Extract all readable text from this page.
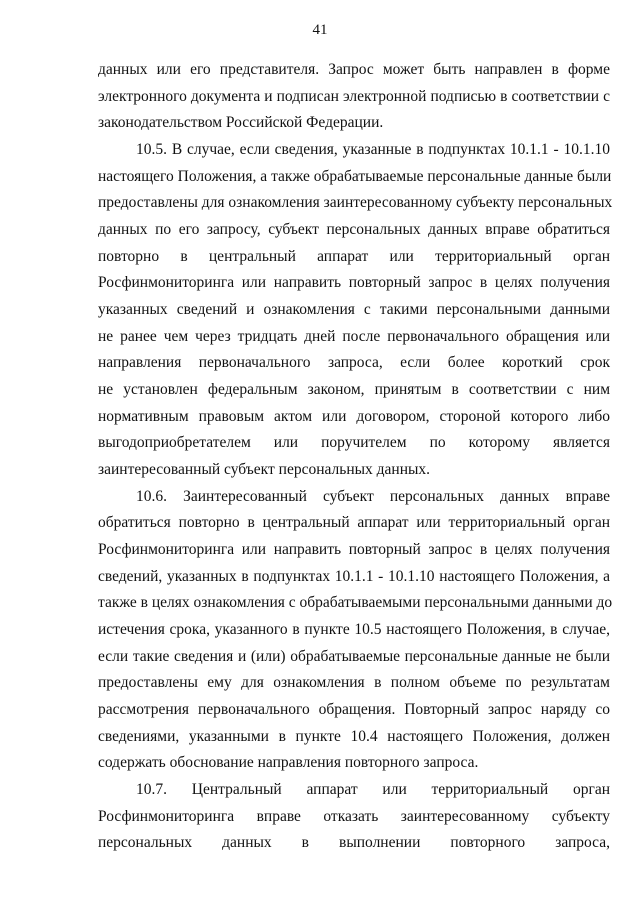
41
данных или его представителя. Запрос может быть направлен в форме
электронного документа и подписан электронной подписью в соответствии с
законодательством Российской Федерации.
10.5. В случае, если сведения, указанные в подпунктах 10.1.1 - 10.1.10
настоящего Положения, а также обрабатываемые персональные данные были
предоставлены для ознакомления заинтересованному субъекту персональных
данных по его запросу, субъект персональных данных вправе обратиться
повторно в центральный аппарат или территориальный орган
Росфинмониторинга или направить повторный запрос в целях получения
указанных сведений и ознакомления с такими персональными данными
не ранее чем через тридцать дней после первоначального обращения или
направления первоначального запроса, если более короткий срок
не установлен федеральным законом, принятым в соответствии с ним
нормативным правовым актом или договором, стороной которого либо
выгодоприобретателем или поручителем по которому является
заинтересованный субъект персональных данных.
10.6. Заинтересованный субъект персональных данных вправе
обратиться повторно в центральный аппарат или территориальный орган
Росфинмониторинга или направить повторный запрос в целях получения
сведений, указанных в подпунктах 10.1.1 - 10.1.10 настоящего Положения, а
также в целях ознакомления с обрабатываемыми персональными данными до
истечения срока, указанного в пункте 10.5 настоящего Положения, в случае,
если такие сведения и (или) обрабатываемые персональные данные не были
предоставлены ему для ознакомления в полном объеме по результатам
рассмотрения первоначального обращения. Повторный запрос наряду со
сведениями, указанными в пункте 10.4 настоящего Положения, должен
содержать обоснование направления повторного запроса.
10.7. Центральный аппарат или территориальный орган
Росфинмониторинга вправе отказать заинтересованному субъекту
персональных данных в выполнении повторного запроса,
